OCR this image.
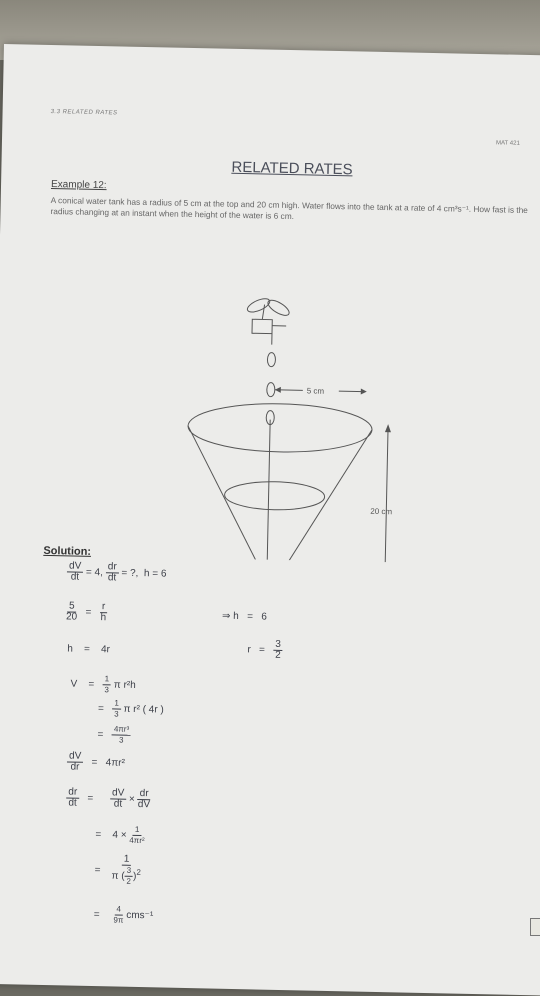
3.3 RELATED RATES
MAT 421
RELATED RATES
Example 12:
A conical water tank has a radius of 5 cm at the top and 20 cm high. Water flows into the tank at a rate of 4 cm³s⁻¹. How fast is the radius changing at an instant when the height of the water is 6 cm.
5 cm
20 cm
Solution:
$\frac{dV}{dt} = 4$, $\frac{dr}{dt}$ = ?, h = 6
$\frac{5}{20} = \frac{r}{h}$	⇒ h = 6
h = 4r	$r = \frac{3}{2}$
$V = \frac{1}{3}$ π r²h
= $\frac{1}{3}$ π r² ( 4r )
= $\frac{\text{4πr³}}{3}$
$\frac{dV}{dr} = 4\pi r^2$
$\frac{dr}{dt} = \frac{dV}{dt} \times \frac{dr}{dV}$
= $4 \times \frac{1}{\text{4πr²}}$
= $\frac{1}{\pi ( \frac{3}{2} )^2}$
= $\frac{4}{9\pi} cms^{-1}$
